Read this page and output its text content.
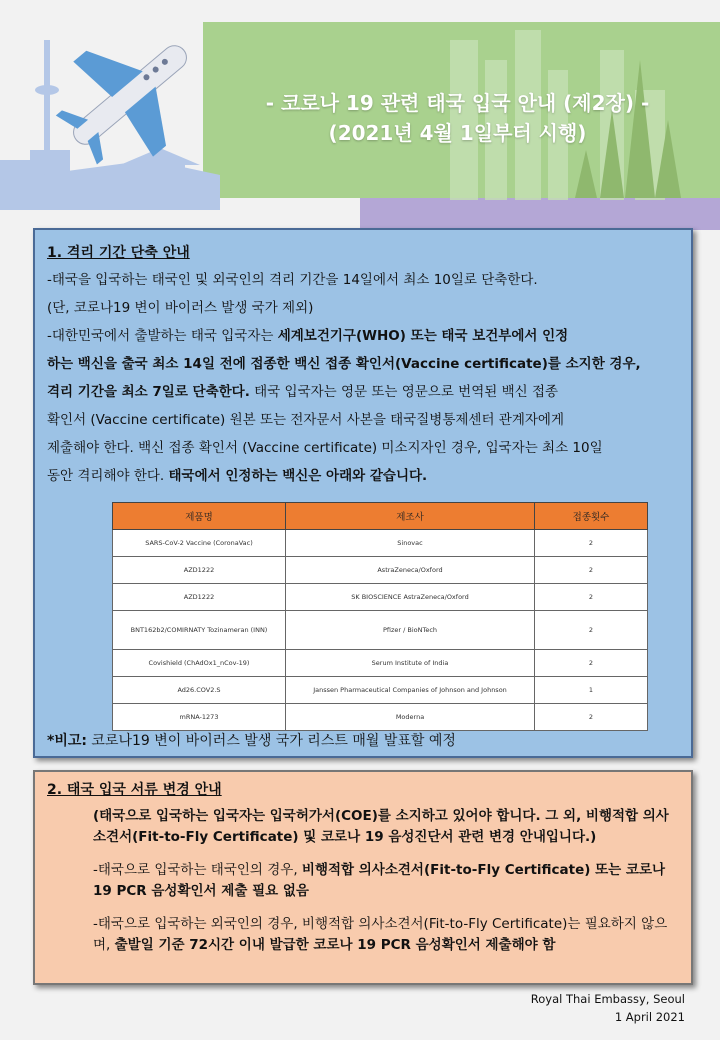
- 코로나 19 관련 태국 입국 안내 (제2장) -
(2021년 4월 1일부터 시행)

1. 격리 기간 단축 안내

-태국을 입국하는 태국인 및 외국인의 격리 기간을 14일에서 최소 10일로 단축한다.

(단, 코로나19 변이 바이러스 발생 국가 제외)

-대한민국에서 출발하는 태국 입국자는 세계보건기구(WHO) 또는 태국 보건부에서 인정

하는 백신을 출국 최소 14일 전에 접종한 백신 접종 확인서(Vaccine certificate)를 소지한 경우,

격리 기간을 최소 7일로 단축한다. 태국 입국자는 영문 또는 영문으로 번역된 백신 접종

확인서 (Vaccine certificate) 원본 또는 전자문서 사본을 태국질병통제센터 관계자에게

제출해야 한다. 백신 접종 확인서 (Vaccine certificate) 미소지자인 경우, 입국자는 최소 10일

동안 격리해야 한다. 태국에서 인정하는 백신은 아래와 같습니다.

제품명	제조사	접종횟수
SARS-CoV-2 Vaccine (CoronaVac)	Sinovac	2
AZD1222	AstraZeneca/Oxford	2
AZD1222	SK BIOSCIENCE AstraZeneca/Oxford	2
BNT162b2/COMIRNATY Tozinameran (INN)	Pfizer / BioNTech	2
Covishield (ChAdOx1_nCov-19)	Serum Institute of India	2
Ad26.COV2.S	Janssen Pharmaceutical Companies of Johnson and Johnson	1
mRNA-1273	Moderna	2
*비고: 코로나19 변이 바이러스 발생 국가 리스트 매월 발표할 예정

2. 태국 입국 서류 변경 안내

(태국으로 입국하는 입국자는 입국허가서(COE)를 소지하고 있어야 합니다. 그 외, 비행적합 의사소견서(Fit-to-Fly Certificate) 및 코로나 19 음성진단서 관련 변경 안내입니다.)

-태국으로 입국하는 태국인의 경우, 비행적합 의사소견서(Fit-to-Fly Certificate) 또는 코로나 19 PCR 음성확인서 제출 필요 없음

-태국으로 입국하는 외국인의 경우, 비행적합 의사소견서(Fit-to-Fly Certificate)는 필요하지 않으며, 출발일 기준 72시간 이내 발급한 코로나 19 PCR 음성확인서 제출해야 함

Royal Thai Embassy, Seoul
1 April 2021
